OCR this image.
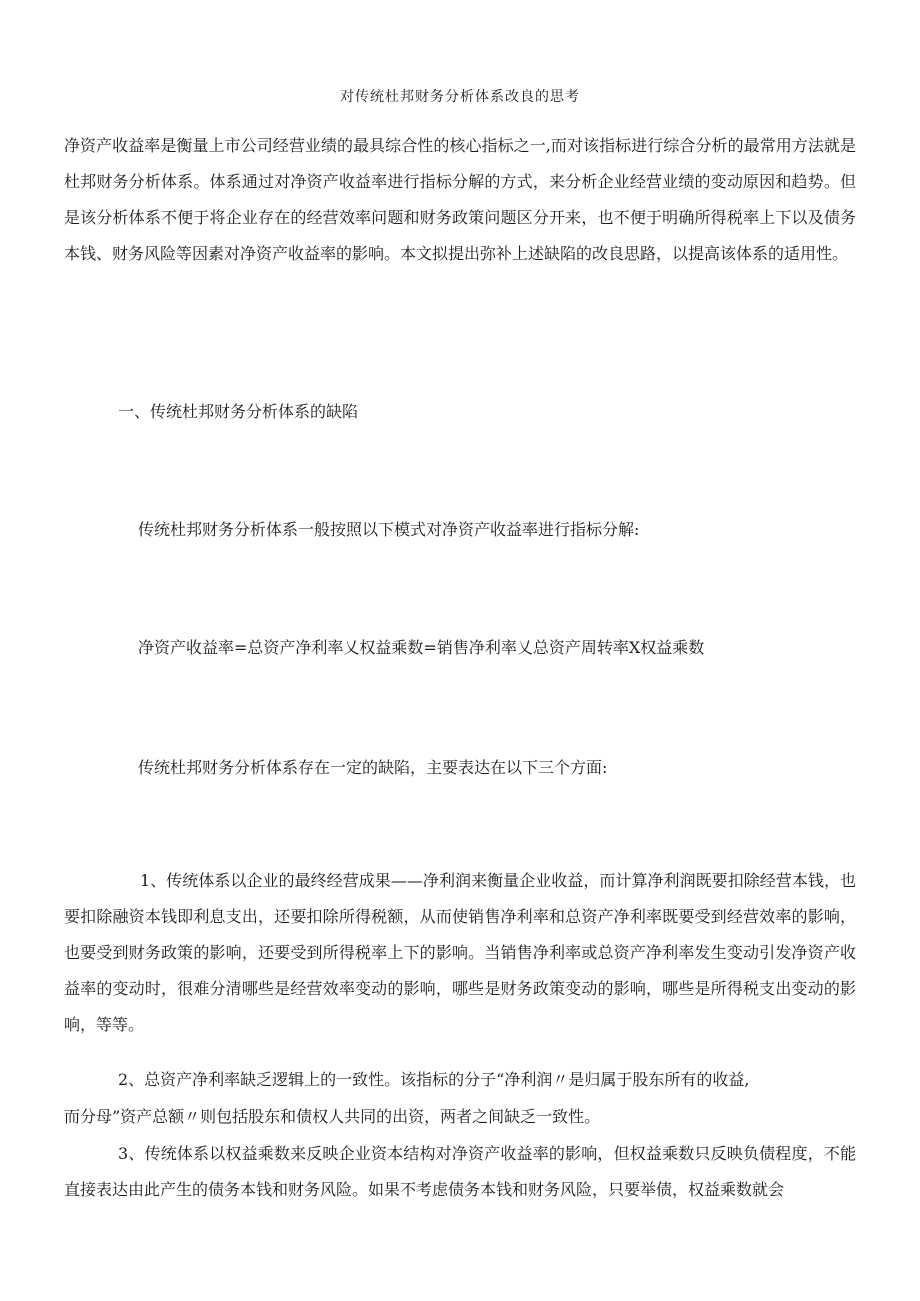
对传统杜邦财务分析体系改良的思考
净资产收益率是衡量上市公司经营业绩的最具综合性的核心指标之一,而对该指标进行综合分析的最常用方法就是杜邦财务分析体系。体系通过对净资产收益率进行指标分解的方式，来分析企业经营业绩的变动原因和趋势。但是该分析体系不便于将企业存在的经营效率问题和财务政策问题区分开来，也不便于明确所得税率上下以及债务本钱、财务风险等因素对净资产收益率的影响。本文拟提出弥补上述缺陷的改良思路，以提高该体系的适用性。
一、传统杜邦财务分析体系的缺陷
传统杜邦财务分析体系一般按照以下模式对净资产收益率进行指标分解:
净资产收益率=总资产净利率乂权益乘数=销售净利率乂总资产周转率X权益乘数
传统杜邦财务分析体系存在一定的缺陷，主要表达在以下三个方面:
1、传统体系以企业的最终经营成果——净利润来衡量企业收益，而计算净利润既要扣除经营本钱，也要扣除融资本钱即利息支出，还要扣除所得税额，从而使销售净利率和总资产净利率既要受到经营效率的影响，也要受到财务政策的影响，还要受到所得税率上下的影响。当销售净利率或总资产净利率发生变动引发净资产收益率的变动时，很难分清哪些是经营效率变动的影响，哪些是财务政策变动的影响，哪些是所得税支出变动的影响，等等。
2、总资产净利率缺乏逻辑上的一致性。该指标的分子“净利润〃是归属于股东所有的收益,
而分母”资产总额〃则包括股东和债权人共同的出资，两者之间缺乏一致性。
3、传统体系以权益乘数来反映企业资本结构对净资产收益率的影响，但权益乘数只反映负债程度，不能直接表达由此产生的债务本钱和财务风险。如果不考虑债务本钱和财务风险，只要举债，权益乘数就会
